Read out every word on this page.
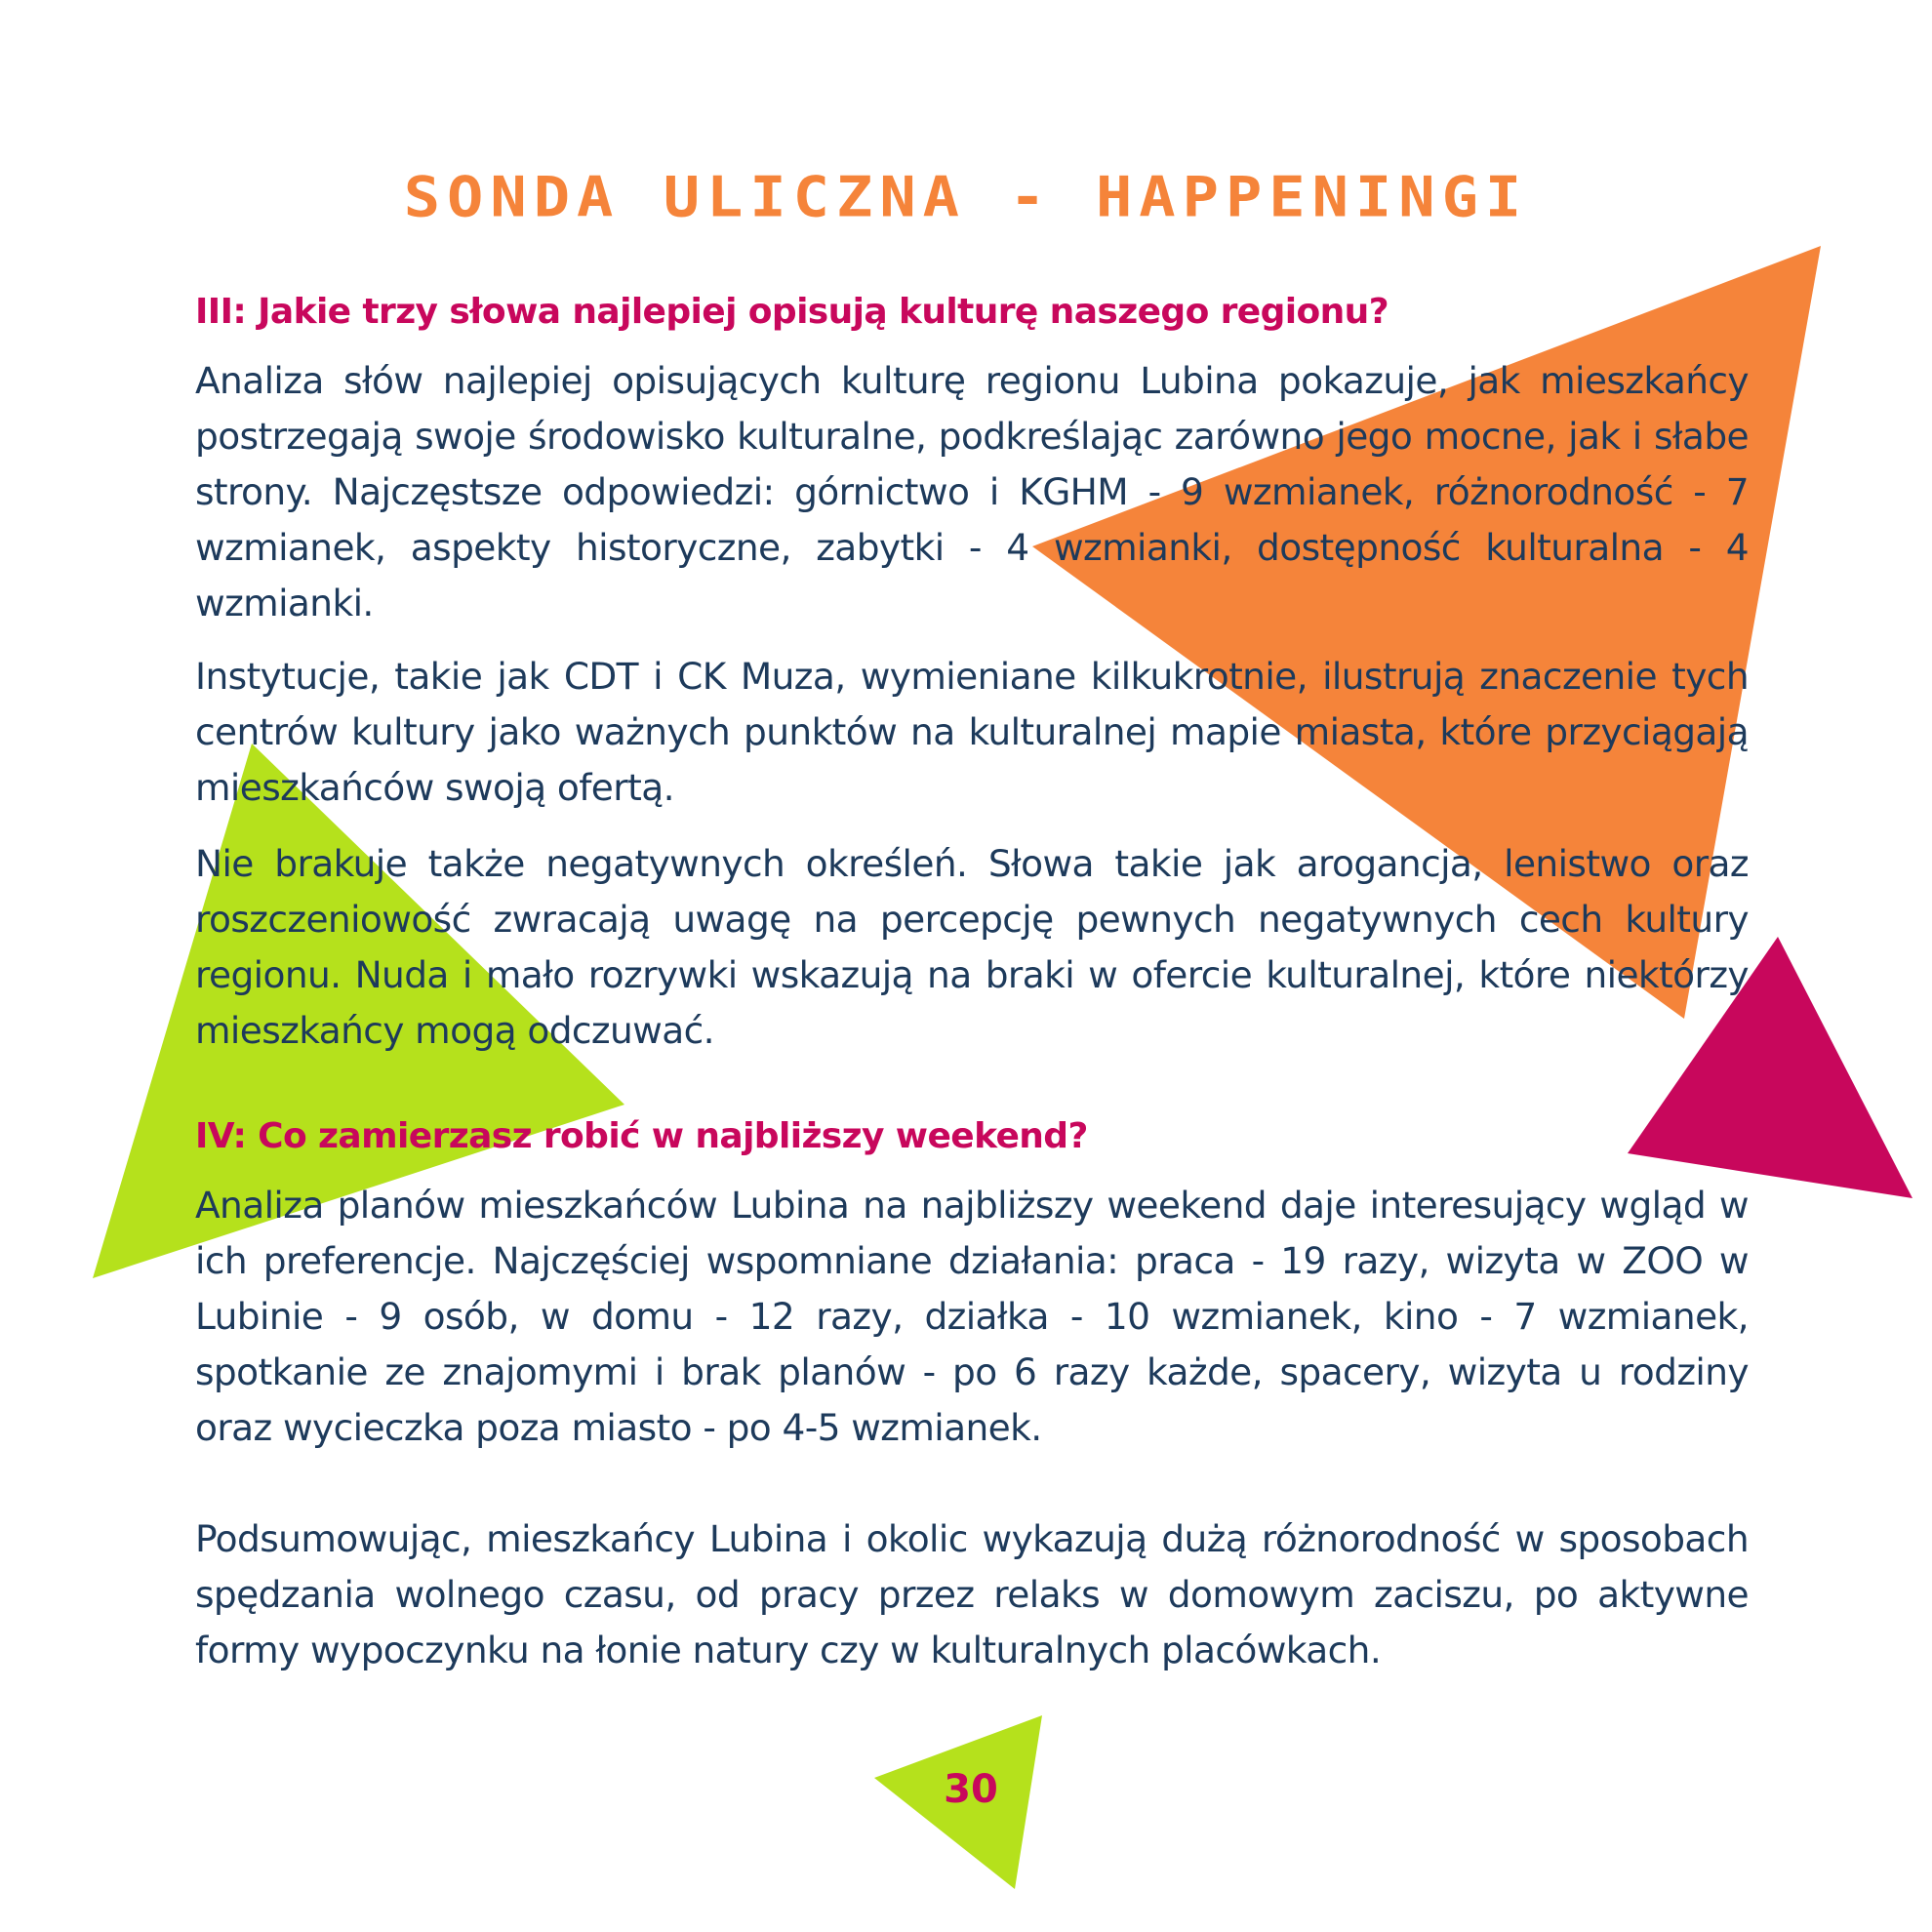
SONDA ULICZNA - HAPPENINGI

III: Jakie trzy słowa najlepiej opisują kulturę naszego regionu?

Analiza słów najlepiej opisujących kulturę regionu Lubina pokazuje, jak mieszkańcy postrzegają swoje środowisko kulturalne, podkreślając zarówno jego mocne, jak i słabe strony. Najczęstsze odpowiedzi: górnictwo i KGHM - 9 wzmianek, różnorodność - 7 wzmianek, aspekty historyczne, zabytki - 4 wzmianki, dostępność kulturalna - 4 wzmianki.

Instytucje, takie jak CDT i CK Muza, wymieniane kilkukrotnie, ilustrują znaczenie tych centrów kultury jako ważnych punktów na kulturalnej mapie miasta, które przyciągają mieszkańców swoją ofertą.

Nie brakuje także negatywnych określeń. Słowa takie jak arogancja, lenistwo oraz roszczeniowość zwracają uwagę na percepcję pewnych negatywnych cech kultury regionu. Nuda i mało rozrywki wskazują na braki w ofercie kulturalnej, które niektórzy mieszkańcy mogą odczuwać.

IV: Co zamierzasz robić w najbliższy weekend?

Analiza planów mieszkańców Lubina na najbliższy weekend daje interesujący wgląd w ich preferencje. Najczęściej wspomniane działania: praca - 19 razy, wizyta w ZOO w Lubinie - 9 osób, w domu - 12 razy, działka - 10 wzmianek, kino - 7 wzmianek, spotkanie ze znajomymi i brak planów - po 6 razy każde, spacery, wizyta u rodziny oraz wycieczka poza miasto - po 4-5 wzmianek.

Podsumowując, mieszkańcy Lubina i okolic wykazują dużą różnorodność w sposobach spędzania wolnego czasu, od pracy przez relaks w domowym zaciszu, po aktywne formy wypoczynku na łonie natury czy w kulturalnych placówkach.

30
